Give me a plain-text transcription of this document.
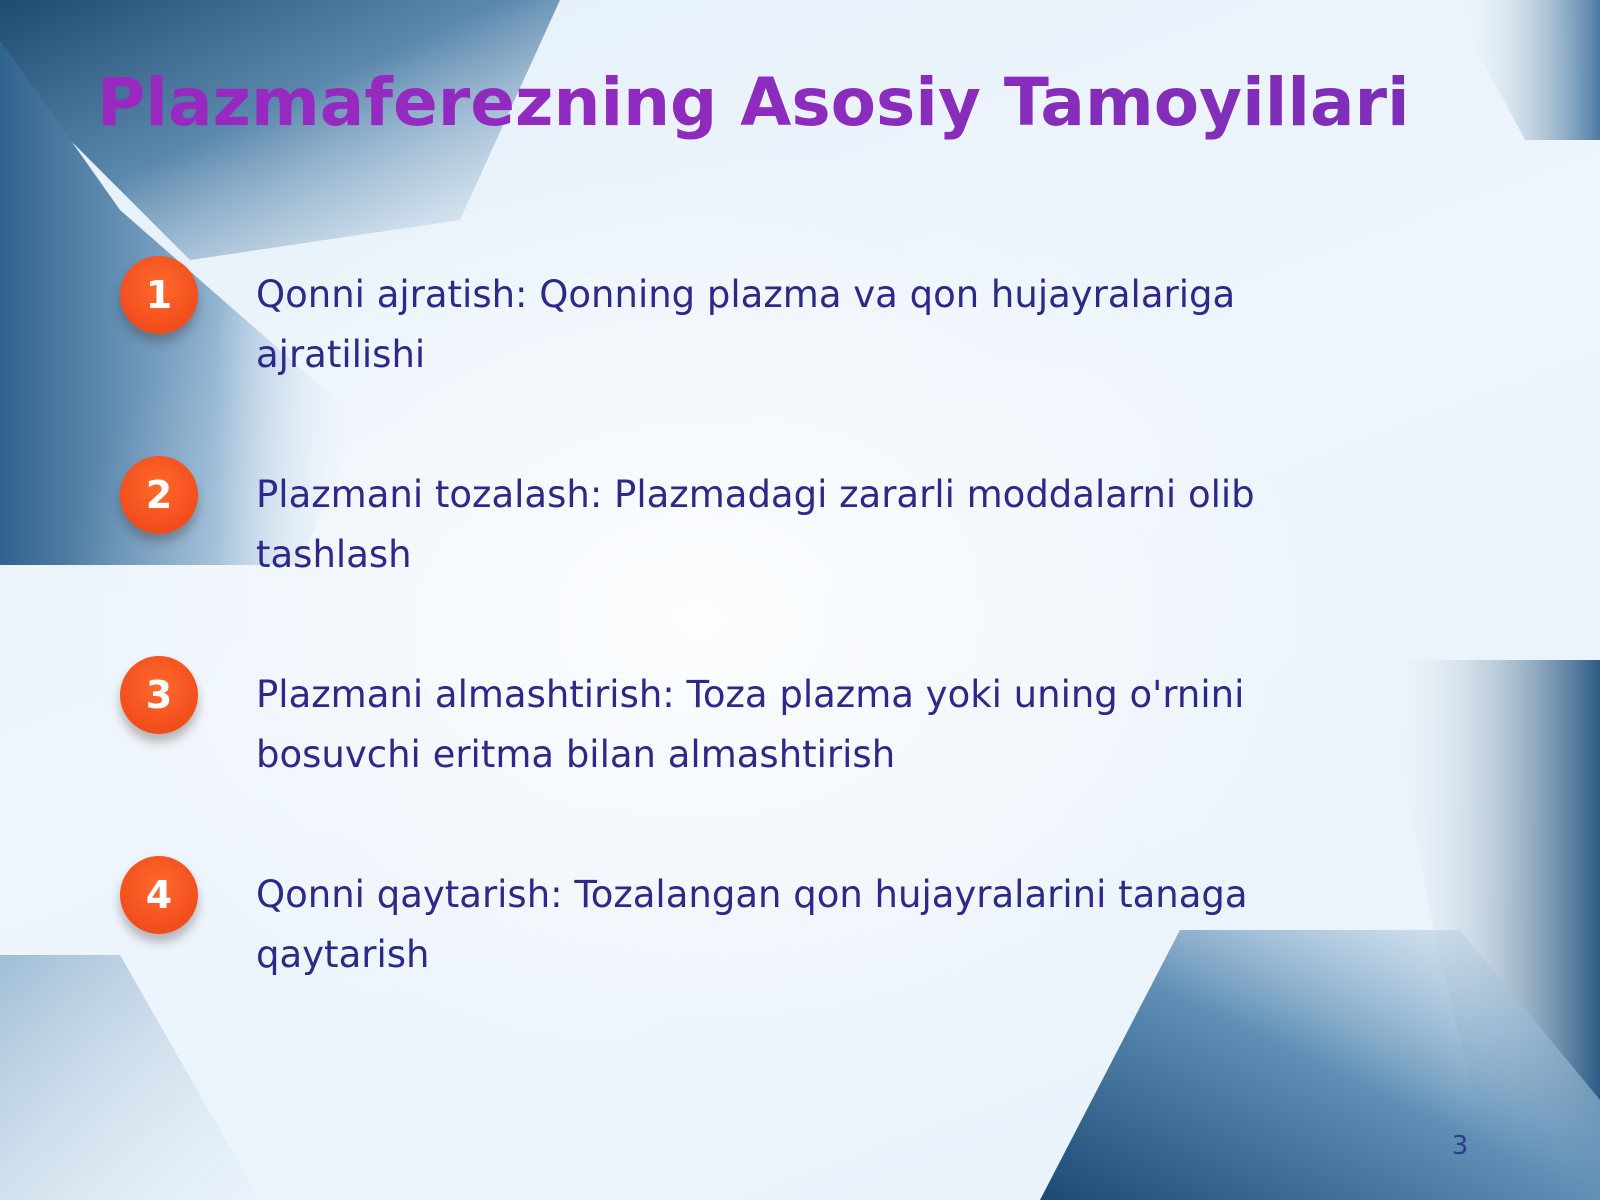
Plazmaferezning Asosiy Tamoyillari
1	Qonni ajratish: Qonning plazma va qon hujayralariga ajratilishi

2	Plazmani tozalash: Plazmadagi zararli moddalarni olib tashlash

3	Plazmani almashtirish: Toza plazma yoki uning o'rnini bosuvchi eritma bilan almashtirish

4	Qonni qaytarish: Tozalangan qon hujayralarini tanaga qaytarish

3
